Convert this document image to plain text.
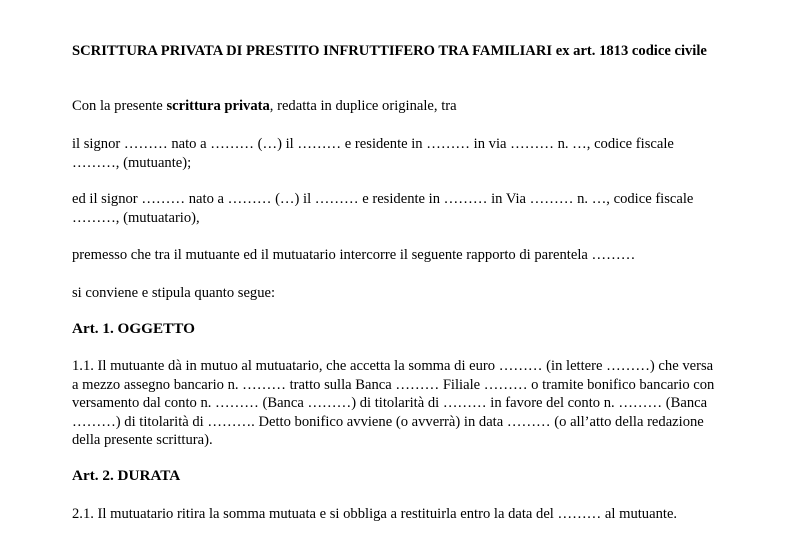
SCRITTURA PRIVATA DI PRESTITO INFRUTTIFERO TRA FAMILIARI ex art. 1813 codice civile

Con la presente scrittura privata, redatta in duplice originale, tra

il signor ……… nato a ……… (…) il ……… e residente in ……… in via ……… n. …, codice fiscale ………, (mutuante);

ed il signor ……… nato a ……… (…) il ……… e residente in ……… in Via ……… n. …, codice fiscale ………, (mutuatario),

premesso che tra il mutuante ed il mutuatario intercorre il seguente rapporto di parentela ………

si conviene e stipula quanto segue:

Art. 1. OGGETTO

1.1. Il mutuante dà in mutuo al mutuatario, che accetta la somma di euro ……… (in lettere ………) che versa a mezzo assegno bancario n. ……… tratto sulla Banca ……… Filiale ……… o tramite bonifico bancario con versamento dal conto n. ……… (Banca ………) di titolarità di ……… in favore del conto n. ……… (Banca ………) di titolarità di ………. Detto bonifico avviene (o avverrà) in data ……… (o all’atto della redazione della presente scrittura).

Art. 2. DURATA

2.1. Il mutuatario ritira la somma mutuata e si obbliga a restituirla entro la data del ……… al mutuante.
